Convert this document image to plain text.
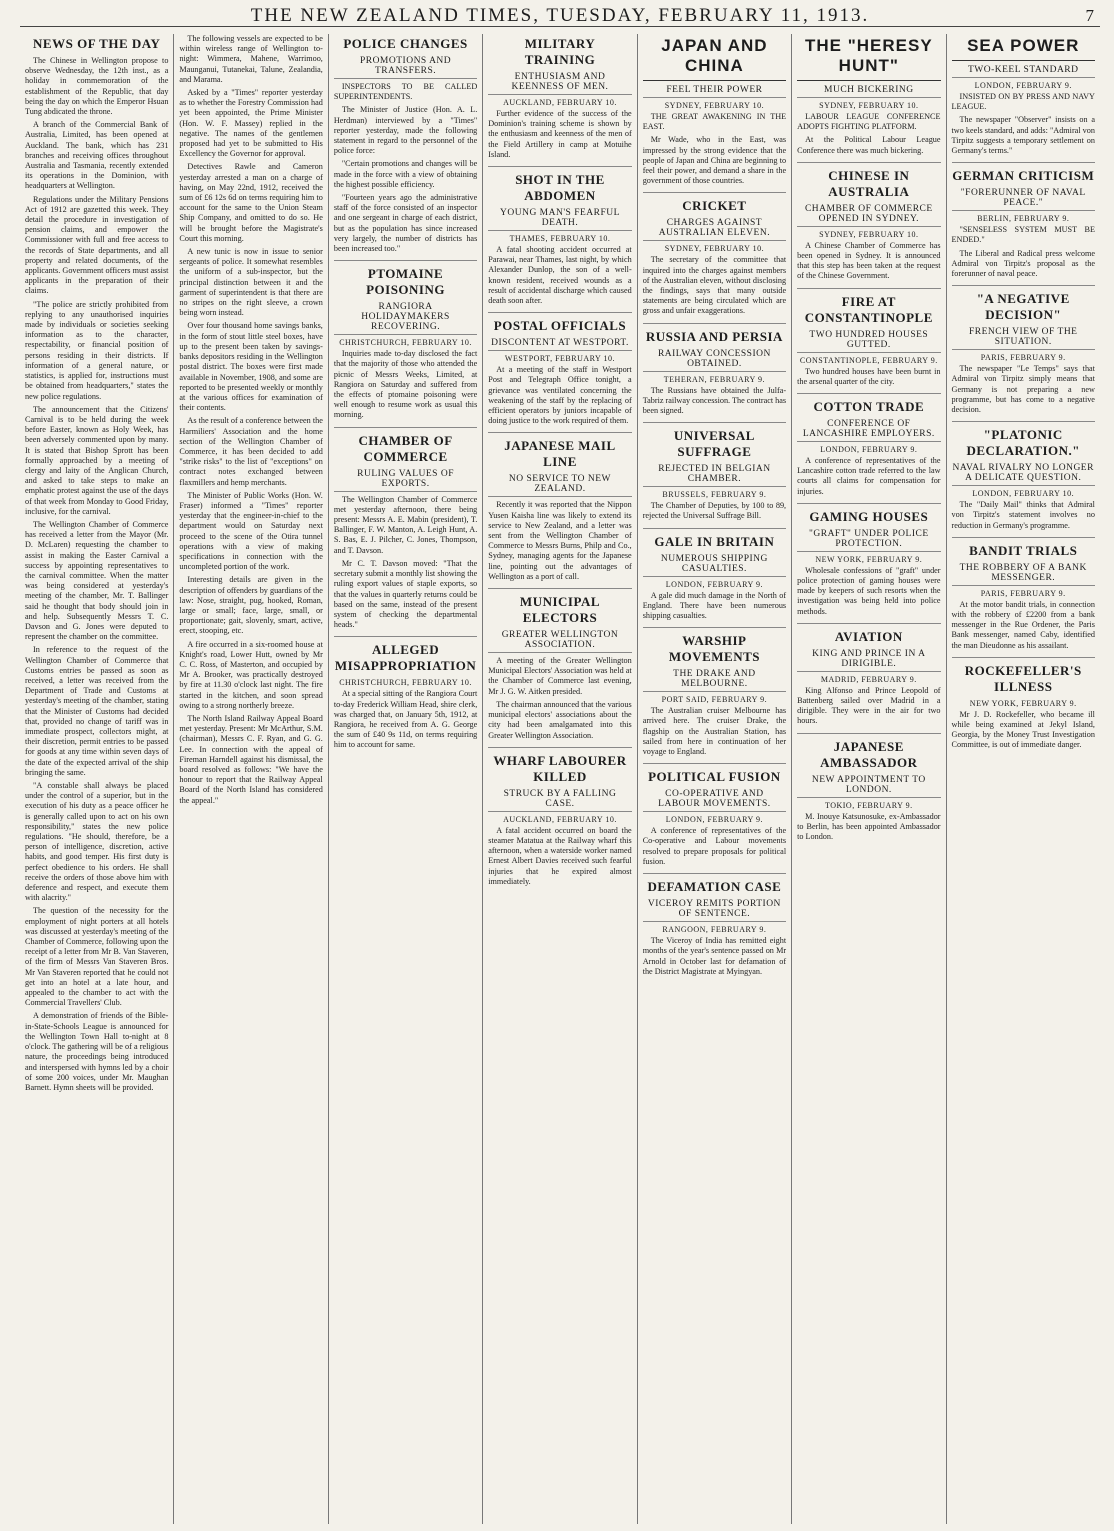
THE NEW ZEALAND TIMES, TUESDAY, FEBRUARY 11, 1913.	7
NEWS OF THE DAY

The Chinese in Wellington propose to observe Wednesday, the 12th inst., as a holiday in commemoration of the establishment of the Republic, that day being the day on which the Emperor Hsuan Tung abdicated the throne.

A branch of the Commercial Bank of Australia, Limited, has been opened at Auckland. The bank, which has 231 branches and receiving offices throughout Australia and Tasmania, recently extended its operations in the Dominion, with headquarters at Wellington.

Regulations under the Military Pensions Act of 1912 are gazetted this week. They detail the procedure in investigation of pension claims, and empower the Commissioner with full and free access to the records of State departments, and all property and related documents, of the applicants. Government officers must assist applicants in the preparation of their claims.

"The police are strictly prohibited from replying to any unauthorised inquiries made by individuals or societies seeking information as to the character, respectability, or financial position of persons residing in their districts. If information of a general nature, or statistics, is applied for, instructions must be obtained from headquarters," states the new police regulations.

The announcement that the Citizens' Carnival is to be held during the week before Easter, known as Holy Week, has been adversely commented upon by many. It is stated that Bishop Sprott has been formally approached by a meeting of clergy and laity of the Anglican Church, and asked to take steps to make an emphatic protest against the use of the days of that week from Monday to Good Friday, inclusive, for the carnival.

The Wellington Chamber of Commerce has received a letter from the Mayor (Mr. D. McLaren) requesting the chamber to assist in making the Easter Carnival a success by appointing representatives to the carnival committee. When the matter was being considered at yesterday's meeting of the chamber, Mr. T. Ballinger said he thought that body should join in and help. Subsequently Messrs T. C. Davson and G. Jones were deputed to represent the chamber on the committee.

In reference to the request of the Wellington Chamber of Commerce that Customs entries be passed as soon as received, a letter was received from the Department of Trade and Customs at yesterday's meeting of the chamber, stating that the Minister of Customs had decided that, provided no change of tariff was in immediate prospect, collectors might, at their discretion, permit entries to be passed for goods at any time within seven days of the date of the expected arrival of the ship bringing the same.

"A constable shall always be placed under the control of a superior, but in the execution of his duty as a peace officer he is generally called upon to act on his own responsibility," states the new police regulations. "He should, therefore, be a person of intelligence, discretion, active habits, and good temper. His first duty is perfect obedience to his orders. He shall receive the orders of those above him with deference and respect, and execute them with alacrity."

The question of the necessity for the employment of night porters at all hotels was discussed at yesterday's meeting of the Chamber of Commerce, following upon the receipt of a letter from Mr B. Van Staveren, of the firm of Messrs Van Staveren Bros. Mr Van Staveren reported that he could not get into an hotel at a late hour, and appealed to the chamber to act with the Commercial Travellers' Club.

A demonstration of friends of the Bible-in-State-Schools League is announced for the Wellington Town Hall to-night at 8 o'clock. The gathering will be of a religious nature, the proceedings being introduced and interspersed with hymns led by a choir of some 200 voices, under Mr. Maughan Barnett. Hymn sheets will be provided.

The following vessels are expected to be within wireless range of Wellington to-night: Wimmera, Mahene, Warrimoo, Maunganui, Tutanekai, Talune, Zealandia, and Marama.

Asked by a "Times" reporter yesterday as to whether the Forestry Commission had yet been appointed, the Prime Minister (Hon. W. F. Massey) replied in the negative. The names of the gentlemen proposed had yet to be submitted to His Excellency the Governor for approval.

Detectives Rawle and Cameron yesterday arrested a man on a charge of having, on May 22nd, 1912, received the sum of £6 12s 6d on terms requiring him to account for the same to the Union Steam Ship Company, and omitted to do so. He will be brought before the Magistrate's Court this morning.

A new tunic is now in issue to senior sergeants of police. It somewhat resembles the uniform of a sub-inspector, but the principal distinction between it and the garment of superintendent is that there are no stripes on the right sleeve, a crown being worn instead.

Over four thousand home savings banks, in the form of stout little steel boxes, have up to the present been taken by savings-banks depositors residing in the Wellington postal district. The boxes were first made available in November, 1908, and some are reported to be presented weekly or monthly at the various offices for examination of their contents.

As the result of a conference between the Harmiliers' Association and the home section of the Wellington Chamber of Commerce, it has been decided to add "strike risks" to the list of "exceptions" on contract notes exchanged between flaxmillers and hemp merchants.

The Minister of Public Works (Hon. W. Fraser) informed a "Times" reporter yesterday that the engineer-in-chief to the department would on Saturday next proceed to the scene of the Otira tunnel operations with a view of making specifications in connection with the uncompleted portion of the work.

Interesting details are given in the description of offenders by guardians of the law: Nose, straight, pug, hooked, Roman, large or small; face, large, small, or proportionate; gait, slovenly, smart, active, erect, stooping, etc.

A fire occurred in a six-roomed house at Knight's road, Lower Hutt, owned by Mr C. C. Ross, of Masterton, and occupied by Mr A. Brooker, was practically destroyed by fire at 11.30 o'clock last night. The fire started in the kitchen, and soon spread owing to a strong northerly breeze.

The North Island Railway Appeal Board met yesterday. Present: Mr McArthur, S.M. (chairman), Messrs C. F. Ryan, and G. G. Lee. In connection with the appeal of Fireman Harndell against his dismissal, the board resolved as follows: "We have the honour to report that the Railway Appeal Board of the North Island has considered the appeal."

POLICE CHANGES
PROMOTIONS AND TRANSFERS.

INSPECTORS TO BE CALLED SUPERINTENDENTS.

The Minister of Justice (Hon. A. L. Herdman) interviewed by a "Times" reporter yesterday, made the following statement in regard to the personnel of the police force:

"Certain promotions and changes will be made in the force with a view of obtaining the highest possible efficiency.

"Fourteen years ago the administrative staff of the force consisted of an inspector and one sergeant in charge of each district, but as the population has since increased very largely, the number of districts has been increased too."

PTOMAINE POISONING
RANGIORA HOLIDAYMAKERS RECOVERING.
CHRISTCHURCH, FEBRUARY 10.

Inquiries made to-day disclosed the fact that the majority of those who attended the picnic of Messrs Weeks, Limited, at Rangiora on Saturday and suffered from the effects of ptomaine poisoning were well enough to resume work as usual this morning.

CHAMBER OF COMMERCE
RULING VALUES OF EXPORTS.

The Wellington Chamber of Commerce met yesterday afternoon, there being present: Messrs A. E. Mabin (president), T. Ballinger, F. W. Manton, A. Leigh Hunt, A. S. Bas, E. J. Pilcher, C. Jones, Thompson, and T. Davson.

Mr C. T. Davson moved: "That the secretary submit a monthly list showing the ruling export values of staple exports, so that the values in quarterly returns could be based on the same, instead of the present system of checking the departmental heads."

ALLEGED MISAPPROPRIATION
CHRISTCHURCH, FEBRUARY 10.

At a special sitting of the Rangiora Court to-day Frederick William Head, shire clerk, was charged that, on January 5th, 1912, at Rangiora, he received from A. G. George the sum of £40 9s 11d, on terms requiring him to account for same.

MILITARY TRAINING
ENTHUSIASM AND KEENNESS OF MEN.
AUCKLAND, FEBRUARY 10.

Further evidence of the success of the Dominion's training scheme is shown by the enthusiasm and keenness of the men of the Field Artillery in camp at Motuihe Island.

SHOT IN THE ABDOMEN
YOUNG MAN'S FEARFUL DEATH.
THAMES, FEBRUARY 10.

A fatal shooting accident occurred at Parawai, near Thames, last night, by which Alexander Dunlop, the son of a well-known resident, received wounds as a result of accidental discharge which caused death soon after.

POSTAL OFFICIALS
DISCONTENT AT WESTPORT.
WESTPORT, FEBRUARY 10.

At a meeting of the staff in Westport Post and Telegraph Office tonight, a grievance was ventilated concerning the weakening of the staff by the replacing of efficient operators by juniors incapable of doing justice to the work required of them.

JAPANESE MAIL LINE
NO SERVICE TO NEW ZEALAND.

Recently it was reported that the Nippon Yusen Kaisha line was likely to extend its service to New Zealand, and a letter was sent from the Wellington Chamber of Commerce to Messrs Burns, Philp and Co., Sydney, managing agents for the Japanese line, pointing out the advantages of Wellington as a port of call.

MUNICIPAL ELECTORS
GREATER WELLINGTON ASSOCIATION.

A meeting of the Greater Wellington Municipal Electors' Association was held at the Chamber of Commerce last evening, Mr J. G. W. Aitken presided.

The chairman announced that the various municipal electors' associations about the city had been amalgamated into this Greater Wellington Association.

WHARF LABOURER KILLED
STRUCK BY A FALLING CASE.
AUCKLAND, FEBRUARY 10.

A fatal accident occurred on board the steamer Matatua at the Railway wharf this afternoon, when a waterside worker named Ernest Albert Davies received such fearful injuries that he expired almost immediately.

JAPAN AND CHINA
FEEL THEIR POWER
SYDNEY, FEBRUARY 10.

THE GREAT AWAKENING IN THE EAST.

Mr Wade, who in the East, was impressed by the strong evidence that the people of Japan and China are beginning to feel their power, and demand a share in the government of those countries.

CRICKET
CHARGES AGAINST AUSTRALIAN ELEVEN.
SYDNEY, FEBRUARY 10.

The secretary of the committee that inquired into the charges against members of the Australian eleven, without disclosing the findings, says that many outside statements are being circulated which are gross and unfair exaggerations.

RUSSIA AND PERSIA
RAILWAY CONCESSION OBTAINED.
TEHERAN, FEBRUARY 9.

The Russians have obtained the Julfa-Tabriz railway concession. The contract has been signed.

UNIVERSAL SUFFRAGE
REJECTED IN BELGIAN CHAMBER.
BRUSSELS, FEBRUARY 9.

The Chamber of Deputies, by 100 to 89, rejected the Universal Suffrage Bill.

GALE IN BRITAIN
NUMEROUS SHIPPING CASUALTIES.
LONDON, FEBRUARY 9.

A gale did much damage in the North of England. There have been numerous shipping casualties.

WARSHIP MOVEMENTS
THE DRAKE AND MELBOURNE.
PORT SAID, FEBRUARY 9.

The Australian cruiser Melbourne has arrived here. The cruiser Drake, the flagship on the Australian Station, has sailed from here in continuation of her voyage to England.

POLITICAL FUSION
CO-OPERATIVE AND LABOUR MOVEMENTS.
LONDON, FEBRUARY 9.

A conference of representatives of the Co-operative and Labour movements resolved to prepare proposals for political fusion.

DEFAMATION CASE
VICEROY REMITS PORTION OF SENTENCE.
RANGOON, FEBRUARY 9.

The Viceroy of India has remitted eight months of the year's sentence passed on Mr Arnold in October last for defamation of the District Magistrate at Myingyan.

THE "HERESY HUNT"
MUCH BICKERING
SYDNEY, FEBRUARY 10.

LABOUR LEAGUE CONFERENCE ADOPTS FIGHTING PLATFORM.

At the Political Labour League Conference there was much bickering.

CHINESE IN AUSTRALIA
CHAMBER OF COMMERCE OPENED IN SYDNEY.
SYDNEY, FEBRUARY 10.

A Chinese Chamber of Commerce has been opened in Sydney. It is announced that this step has been taken at the request of the Chinese Government.

FIRE AT CONSTANTINOPLE
TWO HUNDRED HOUSES GUTTED.
CONSTANTINOPLE, FEBRUARY 9.

Two hundred houses have been burnt in the arsenal quarter of the city.

COTTON TRADE
CONFERENCE OF LANCASHIRE EMPLOYERS.
LONDON, FEBRUARY 9.

A conference of representatives of the Lancashire cotton trade referred to the law courts all claims for compensation for injuries.

GAMING HOUSES
"GRAFT" UNDER POLICE PROTECTION.
NEW YORK, FEBRUARY 9.

Wholesale confessions of "graft" under police protection of gaming houses were made by keepers of such resorts when the investigation was being held into police methods.

AVIATION
KING AND PRINCE IN A DIRIGIBLE.
MADRID, FEBRUARY 9.

King Alfonso and Prince Leopold of Battenberg sailed over Madrid in a dirigible. They were in the air for two hours.

JAPANESE AMBASSADOR
NEW APPOINTMENT TO LONDON.
TOKIO, FEBRUARY 9.

M. Inouye Katsunosuke, ex-Ambassador to Berlin, has been appointed Ambassador to London.

SEA POWER
TWO-KEEL STANDARD
LONDON, FEBRUARY 9.

INSISTED ON BY PRESS AND NAVY LEAGUE.

The newspaper "Observer" insists on a two keels standard, and adds: "Admiral von Tirpitz suggests a temporary settlement on Germany's terms."

GERMAN CRITICISM
"FORERUNNER OF NAVAL PEACE."
BERLIN, FEBRUARY 9.

"SENSELESS SYSTEM MUST BE ENDED."

The Liberal and Radical press welcome Admiral von Tirpitz's proposal as the forerunner of naval peace.

"A NEGATIVE DECISION"
FRENCH VIEW OF THE SITUATION.
PARIS, FEBRUARY 9.

The newspaper "Le Temps" says that Admiral von Tirpitz simply means that Germany is not preparing a new programme, but has come to a negative decision.

"PLATONIC DECLARATION."
NAVAL RIVALRY NO LONGER A DELICATE QUESTION.
LONDON, FEBRUARY 10.

The "Daily Mail" thinks that Admiral von Tirpitz's statement involves no reduction in Germany's programme.

BANDIT TRIALS
THE ROBBERY OF A BANK MESSENGER.
PARIS, FEBRUARY 9.

At the motor bandit trials, in connection with the robbery of £2200 from a bank messenger in the Rue Ordener, the Paris Bank messenger, named Caby, identified the man Dieudonne as his assailant.

ROCKEFELLER'S ILLNESS
NEW YORK, FEBRUARY 9.

Mr J. D. Rockefeller, who became ill while being examined at Jekyl Island, Georgia, by the Money Trust Investigation Committee, is out of immediate danger.
